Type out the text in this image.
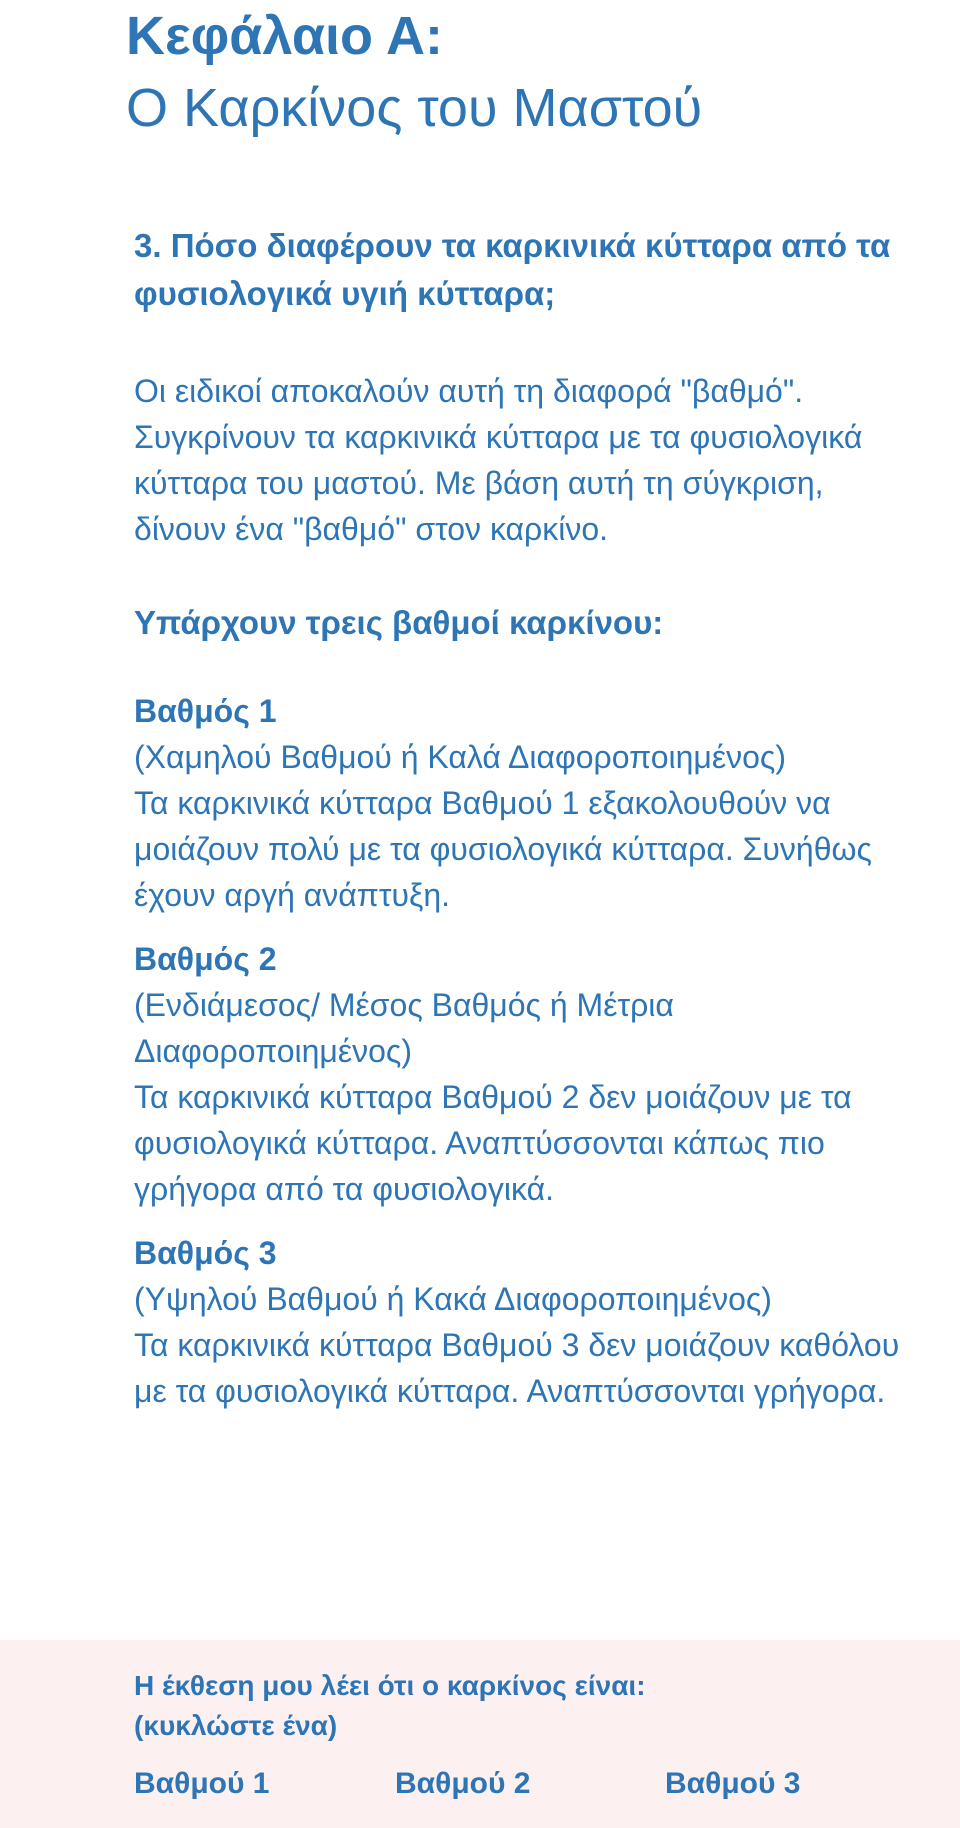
Κεφάλαιο Α:
Ο Καρκίνος του Μαστού
3. Πόσο διαφέρουν τα καρκινικά κύτταρα από τα φυσιολογικά υγιή κύτταρα;

Οι ειδικοί αποκαλούν αυτή τη διαφορά "βαθμό". Συγκρίνουν τα καρκινικά κύτταρα με τα φυσιολογικά κύτταρα του μαστού. Με βάση αυτή τη σύγκριση, δίνουν ένα "βαθμό" στον καρκίνο.

Υπάρχουν τρεις βαθμοί καρκίνου:
Βαθμός 1
(Χαμηλού Βαθμού ή Καλά Διαφοροποιημένος)
Τα καρκινικά κύτταρα Βαθμού 1 εξακολουθούν να μοιάζουν πολύ με τα φυσιολογικά κύτταρα. Συνήθως έχουν αργή ανάπτυξη.
Βαθμός 2
(Ενδιάμεσος/ Μέσος Βαθμός ή Μέτρια Διαφοροποιημένος)
Τα καρκινικά κύτταρα Βαθμού 2 δεν μοιάζουν με τα φυσιολογικά κύτταρα. Αναπτύσσονται κάπως πιο γρήγορα από τα φυσιολογικά.
Βαθμός 3
(Υψηλού Βαθμού ή Κακά Διαφοροποιημένος)
Τα καρκινικά κύτταρα Βαθμού 3 δεν μοιάζουν καθόλου με τα φυσιολογικά κύτταρα. Αναπτύσσονται γρήγορα.
Η έκθεση μου λέει ότι ο καρκίνος είναι:
(κυκλώστε ένα)
Βαθμού 1	Βαθμού 2	Βαθμού 3
